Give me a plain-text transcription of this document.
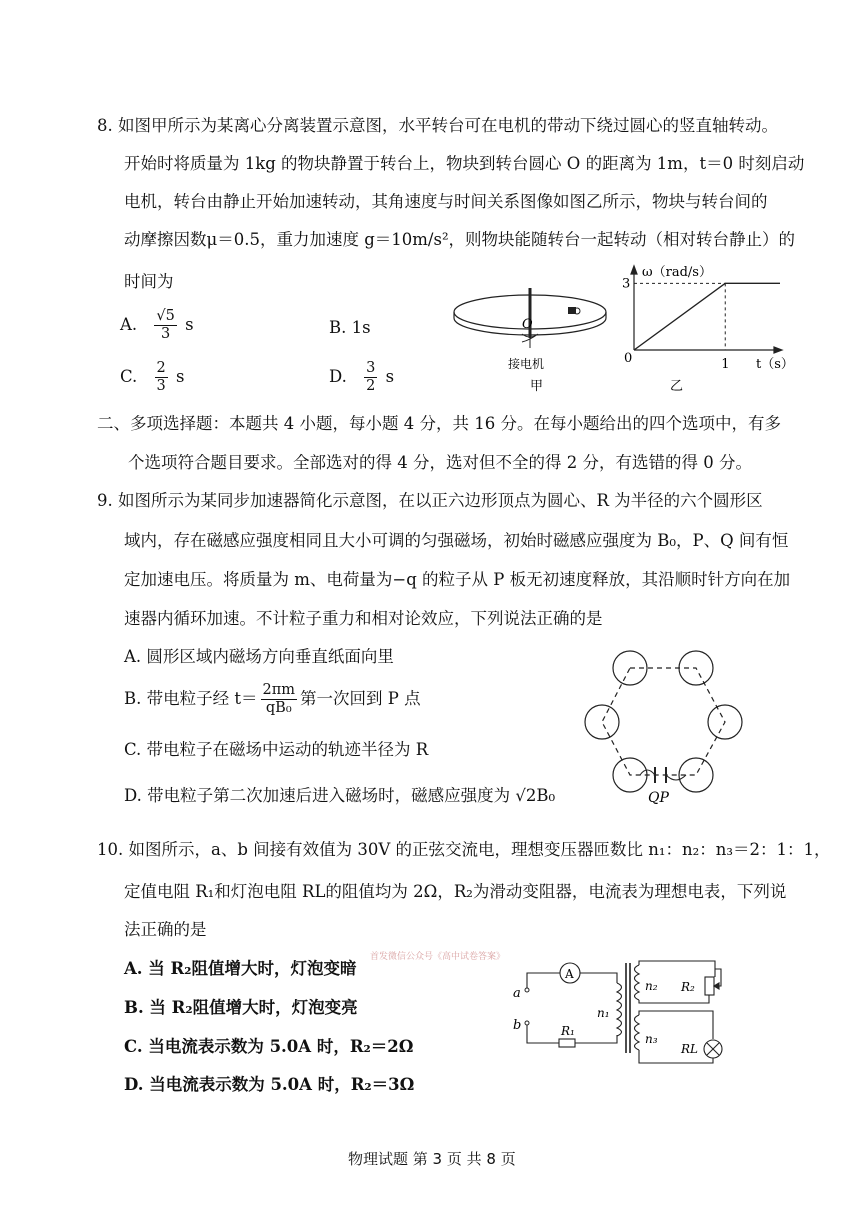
8. 如图甲所示为某离心分离装置示意图，水平转台可在电机的带动下绕过圆心的竖直轴转动。
开始时将质量为 1kg 的物块静置于转台上，物块到转台圆心 O 的距离为 1m，t＝0 时刻启动
电机，转台由静止开始加速转动，其角速度与时间关系图像如图乙所示，物块与转台间的
动摩擦因数μ＝0.5，重力加速度 g＝10m/s²，则物块能随转台一起转动（相对转台静止）的
时间为
A. $\frac{√5}{3}$ s	B. 1s
C. $\frac{2}{3}$ s	D. $\frac{3}{2}$ s
O
接电机
甲
ω（rad/s）
t（s）
0
3
1
乙
二、多项选择题：本题共 4 小题，每小题 4 分，共 16 分。在每小题给出的四个选项中，有多
个选项符合题目要求。全部选对的得 4 分，选对但不全的得 2 分，有选错的得 0 分。
9. 如图所示为某同步加速器简化示意图，在以正六边形顶点为圆心、R 为半径的六个圆形区
域内，存在磁感应强度相同且大小可调的匀强磁场，初始时磁感应强度为 B₀，P、Q 间有恒
定加速电压。将质量为 m、电荷量为−q 的粒子从 P 板无初速度释放，其沿顺时针方向在加
速器内循环加速。不计粒子重力和相对论效应，下列说法正确的是
A. 圆形区域内磁场方向垂直纸面向里
B. 带电粒子经 $t= \frac{2\pi m}{\text{qB₀}}$ 第一次回到 P 点
C. 带电粒子在磁场中运动的轨迹半径为 R
D. 带电粒子第二次加速后进入磁场时，磁感应强度为 √2B₀	QP
10. 如图所示，a、b 间接有效值为 30V 的正弦交流电，理想变压器匝数比 n₁：n₂：n₃＝2：1：1，
定值电阻 R₁和灯泡电阻 RL的阻值均为 2Ω，R₂为滑动变阻器，电流表为理想电表，下列说
法正确的是
A. 当 R₂阻值增大时，灯泡变暗
B. 当 R₂阻值增大时，灯泡变亮
C. 当电流表示数为 5.0A 时，R₂＝2Ω
D. 当电流表示数为 5.0A 时，R₂＝3Ω
首发微信公众号《高中试卷答案》
a
b
A
n₁
n₂
n₃
R₁
R₂
RL
物理试题 第 3 页 共 8 页
